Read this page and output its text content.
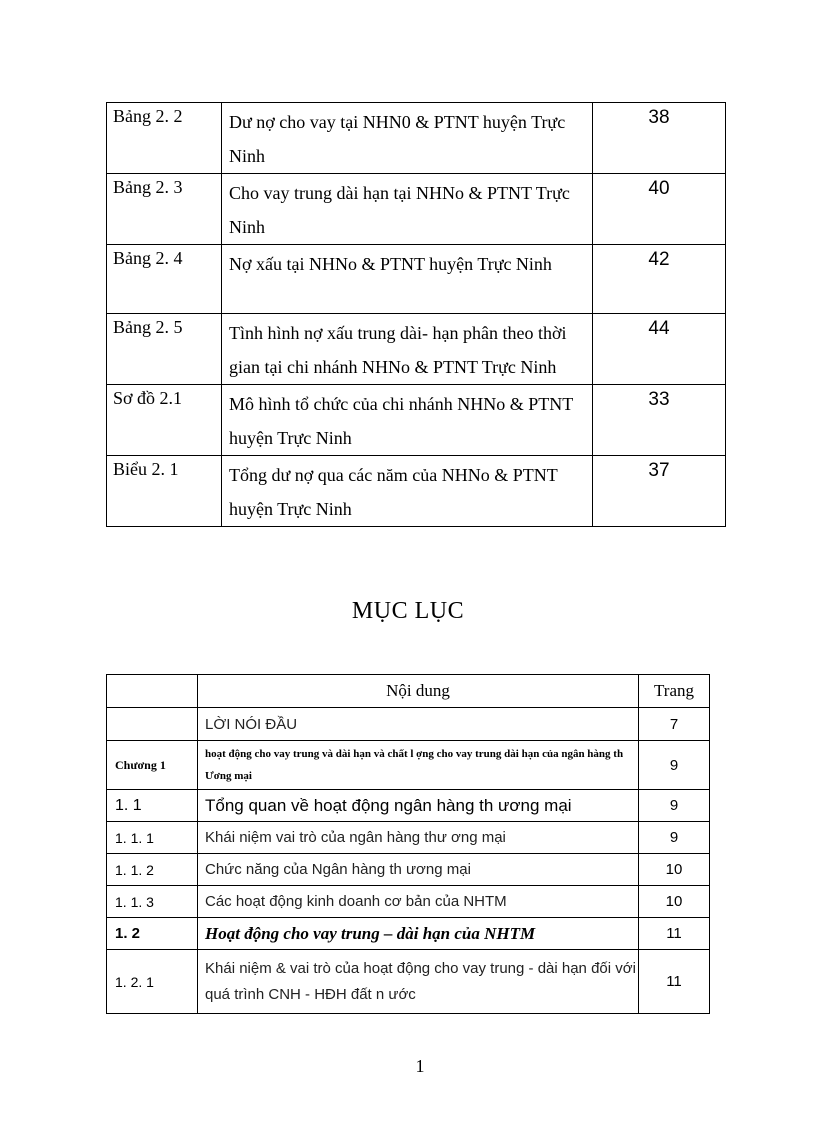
Bảng 2. 2	Dư nợ cho vay tại NHN0 & PTNT huyện Trực Ninh	38
Bảng 2. 3	Cho vay trung dài hạn tại NHNo & PTNT Trực Ninh	40
Bảng 2. 4	Nợ xấu tại NHNo & PTNT huyện Trực Ninh	42
Bảng 2. 5	Tình hình nợ xấu trung dài- hạn phân theo thời gian tại chi nhánh NHNo & PTNT Trực Ninh	44
Sơ đồ 2.1	Mô hình tổ chức của chi nhánh NHNo & PTNT huyện Trực Ninh	33
Biểu 2. 1	Tổng dư nợ qua các năm của NHNo & PTNT huyện Trực Ninh	37
MỤC LỤC
	Nội dung	Trang
	LỜI NÓI ĐẦU	7
Chương 1	hoạt động cho vay trung và dài hạn và chất l ợng cho vay trung dài hạn của ngân hàng th Ương mại	9
1. 1	Tổng quan về hoạt động ngân hàng th ương mại	9
1. 1. 1	Khái niệm vai trò của ngân hàng thư ơng mại	9
1. 1. 2	Chức năng của Ngân hàng th ương mại	10
1. 1. 3	Các hoạt động kinh doanh cơ bản của NHTM	10
1. 2	Hoạt động cho vay trung – dài hạn của NHTM	11
1. 2. 1	Khái niệm & vai trò của hoạt động cho vay trung - dài hạn đối với quá trình CNH - HĐH đất n ước	11
1
